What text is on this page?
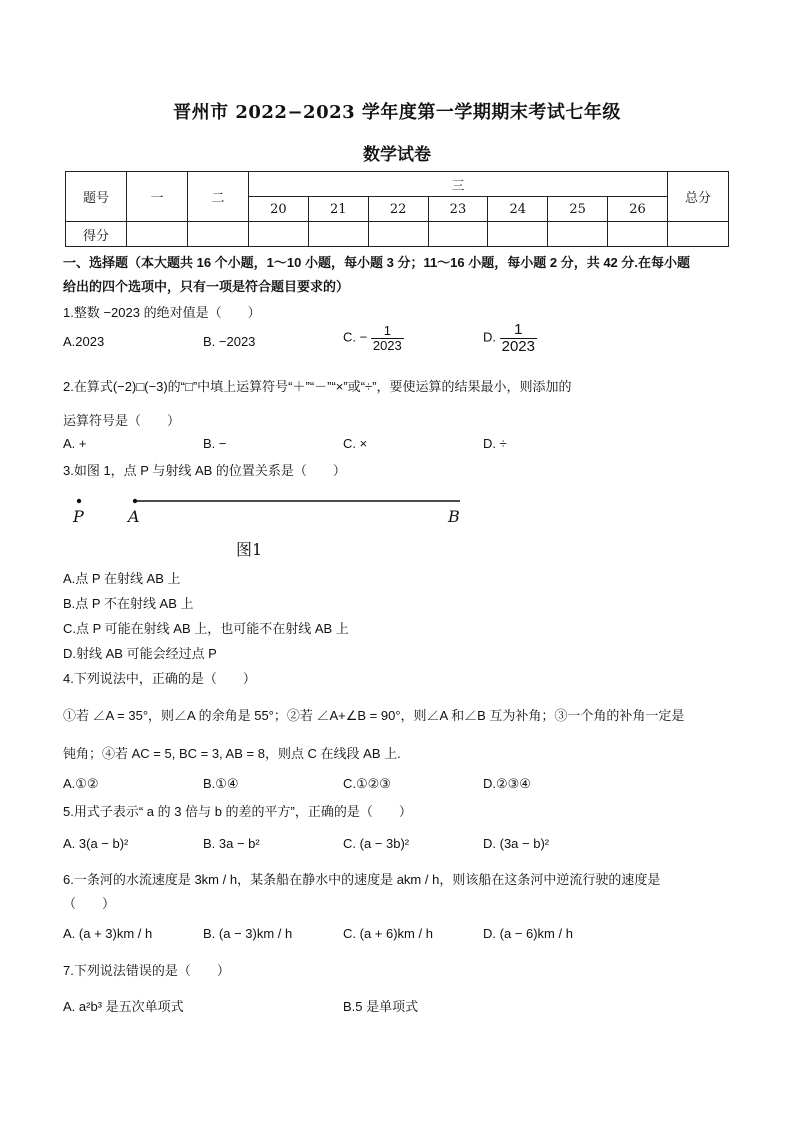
晋州市 2022−2023 学年度第一学期期末考试七年级
数学试卷
题号	一	二	三							总分
			20	21	22	23	24	25	26	
得分										
一、选择题（本大题共 16 个小题，1～10 小题，每小题 3 分；11～16 小题，每小题 2 分，共 42 分.在每小题
给出的四个选项中，只有一项是符合题目要求的）
1.整数 −2023 的绝对值是（　　）
A.2023	B. −2023	C. − $\frac{1}{2023}$	D. $\frac{1}{2023}$
2.在算式(−2)□(−3)的“□”中填上运算符号“＋”“－”“×”或“÷”，要使运算的结果最小，则添加的
运算符号是（　　）
A. +	B. −	C. ×	D. ÷
3.如图 1，点 P 与射线 AB 的位置关系是（　　）
P	A	B
图1
A.点 P 在射线 AB 上
B.点 P 不在射线 AB 上
C.点 P 可能在射线 AB 上，也可能不在射线 AB 上
D.射线 AB 可能会经过点 P
4.下列说法中，正确的是（　　）
①若 ∠A = 35°，则∠A 的余角是 55°；②若 ∠A+∠B = 90°，则∠A 和∠B 互为补角；③一个角的补角一定是
钝角；④若 AC = 5, BC = 3, AB = 8，则点 C 在线段 AB 上.
A.①②	B.①④	C.①②③	D.②③④
5.用式子表示“ a 的 3 倍与 b 的差的平方”，正确的是（　　）
A. 3(a − b)²	B. 3a − b²	C. (a − 3b)²	D. (3a − b)²
6.一条河的水流速度是 3km / h，某条船在静水中的速度是 akm / h，则该船在这条河中逆流行驶的速度是
（　　）
A. (a + 3)km / h	B. (a − 3)km / h	C. (a + 6)km / h	D. (a − 6)km / h
7.下列说法错误的是（　　）
A. a²b³ 是五次单项式	B.5 是单项式
